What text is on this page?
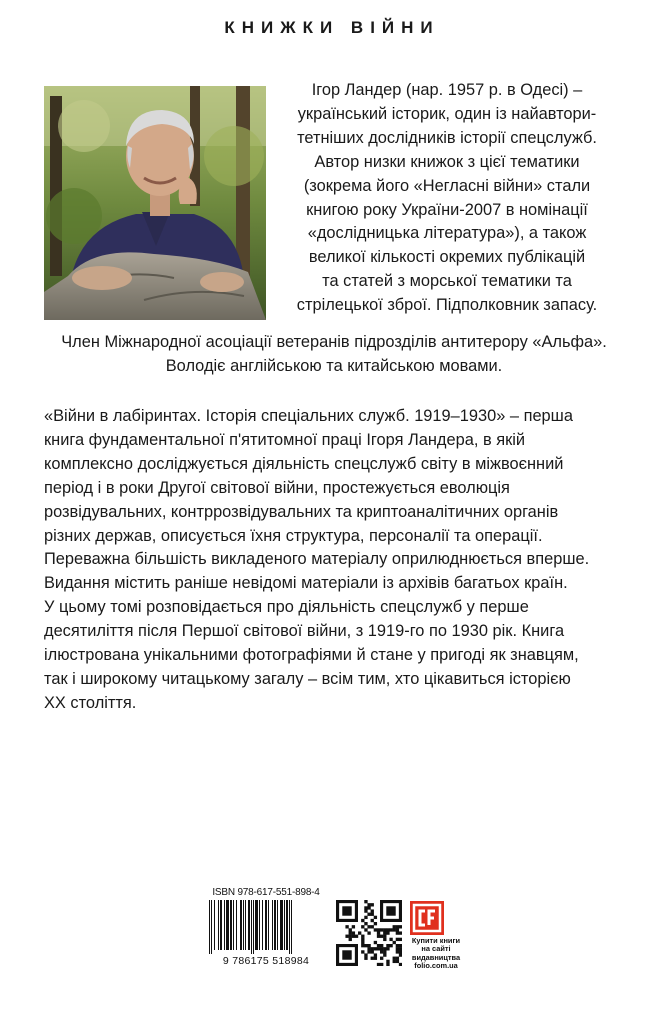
КНИЖКИ ВІЙНИ
Ігор Ландер (нар. 1957 р. в Одесі) –
український історик, один із найавтори-
тетніших дослідників історії спецслужб.
Автор низки книжок з цієї тематики
(зокрема його «Негласні війни» стали
книгою року України-2007 в номінації
«дослідницька література»), а також
великої кількості окремих публікацій
та статей з морської тематики та
стрілецької зброї. Підполковник запасу.
Член Міжнародної асоціації ветеранів підрозділів антитерору «Альфа».
Володіє англійською та китайською мовами.
«Війни в лабіринтах. Історія спеціальних служб. 1919–1930» – перша
книга фундаментальної п'ятитомної праці Ігоря Ландера, в якій
комплексно досліджується діяльність спецслужб світу в міжвоєнний
період і в роки Другої світової війни, простежується еволюція
розвідувальних, контррозвідувальних та криптоаналітичних органів
різних держав, описується їхня структура, персоналії та операції.
Переважна більшість викладеного матеріалу оприлюднюється вперше.
Видання містить раніше невідомі матеріали із архівів багатьох країн.
У цьому томі розповідається про діяльність спецслужб у перше
десятиліття після Першої світової війни, з 1919-го по 1930 рік. Книга
ілюстрована унікальними фотографіями й стане у пригоді як знавцям,
так і широкому читацькому загалу – всім тим, хто цікавиться історією
XX століття.
ISBN 978-617-551-898-4
9 786175 518984
Купити книги
на сайті
видавництва
folio.com.ua
